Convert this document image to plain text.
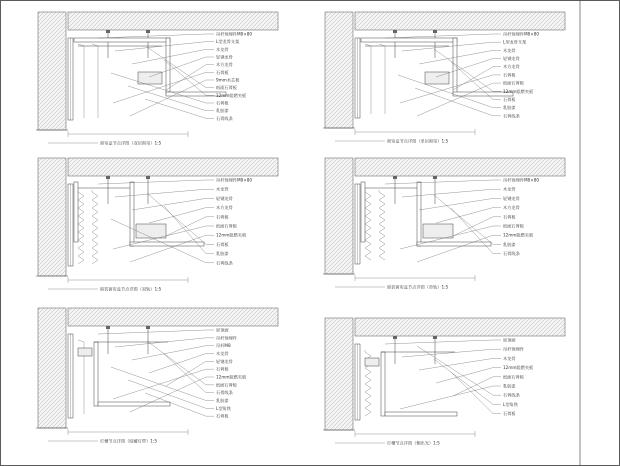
吊杆预埋件M8×80
L型龙骨支架
木龙骨
轻钢龙骨
木方龙骨
石膏板
9mm木芯板
纸面石膏板
12mm阻燃夹板
石膏板
乳胶漆
石膏线条
窗帘盒节点详图（双层窗帘）1:5
吊杆预埋件M8×80
L型龙骨支架
木龙骨
轻钢龙骨
木方龙骨
石膏板
纸面石膏板
12mm阻燃夹板
石膏板
乳胶漆
石膏线条
窗帘盒节点详图（单层窗帘）1:5
吊杆预埋件M8×80
木龙骨
轻钢龙骨
木方龙骨
石膏板
纸面石膏板
12mm阻燃夹板
石膏板
乳胶漆
石膏线条
暗装窗帘盒节点详图（双轨）1:5
吊杆预埋件M8×80
木龙骨
轻钢龙骨
木方龙骨
石膏板
纸面石膏板
12mm阻燃夹板
乳胶漆
石膏线条
暗装窗帘盒节点详图（单轨）1:5
原顶面
吊杆预埋件
吊杆M8
木龙骨
轻钢龙骨
石膏板
12mm阻燃夹板
纸面石膏板
石膏线条
乳胶漆
L型角铁
石膏板
灯槽节点详图（暗藏灯带）1:5
原顶面
吊杆预埋件
木龙骨
12mm阻燃夹板
纸面石膏板
乳胶漆
石膏线条
L型角铁
石膏板
灯槽节点详图（侧出光）1:5
